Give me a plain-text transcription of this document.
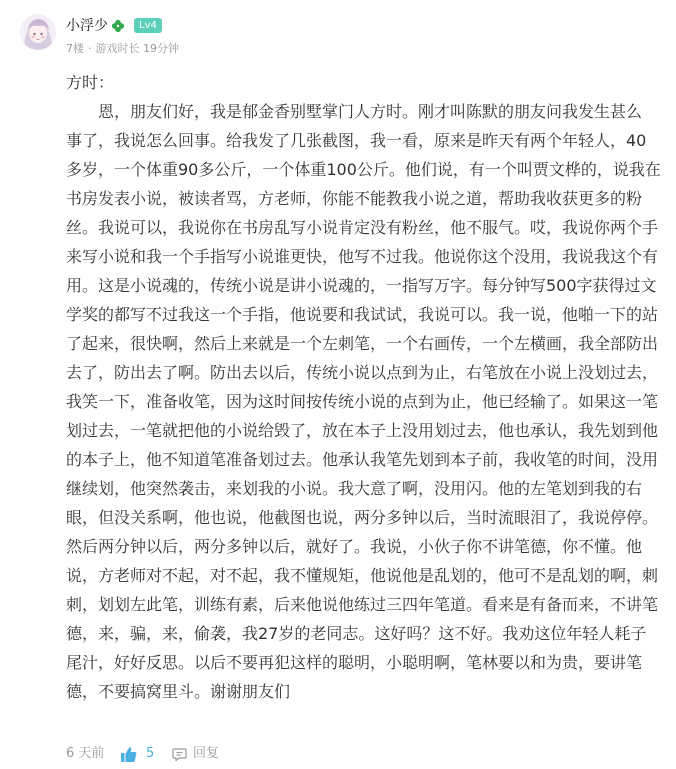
小浮少	Lv4
7楼 · 游戏时长 19分钟
方时：
恩，朋友们好，我是郁金香别墅掌门人方时。刚才叫陈默的朋友问我发生甚么
事了，我说怎么回事。给我发了几张截图，我一看，原来是昨天有两个年轻人，40
多岁，一个体重90多公斤，一个体重100公斤。他们说，有一个叫贾文桦的，说我在
书房发表小说，被读者骂，方老师，你能不能教我小说之道，帮助我收获更多的粉
丝。我说可以，我说你在书房乱写小说肯定没有粉丝，他不服气。哎，我说你两个手
来写小说和我一个手指写小说谁更快，他写不过我。他说你这个没用，我说我这个有
用。这是小说魂的，传统小说是讲小说魂的，一指写万字。每分钟写500字获得过文
学奖的都写不过我这一个手指，他说要和我试试，我说可以。我一说，他啪一下的站
了起来，很快啊，然后上来就是一个左刺笔，一个右画传，一个左横画，我全部防出
去了，防出去了啊。防出去以后，传统小说以点到为止，右笔放在小说上没划过去，
我笑一下，准备收笔，因为这时间按传统小说的点到为止，他已经输了。如果这一笔
划过去，一笔就把他的小说给毁了，放在本子上没用划过去，他也承认，我先划到他
的本子上，他不知道笔准备划过去。他承认我笔先划到本子前，我收笔的时间，没用
继续划，他突然袭击，来划我的小说。我大意了啊，没用闪。他的左笔划到我的右
眼，但没关系啊，他也说，他截图也说，两分多钟以后，当时流眼泪了，我说停停。
然后两分钟以后，两分多钟以后，就好了。我说，小伙子你不讲笔德，你不懂。他
说，方老师对不起，对不起，我不懂规矩，他说他是乱划的，他可不是乱划的啊，刺
刺，划划左此笔，训练有素，后来他说他练过三四年笔道。看来是有备而来，不讲笔
德，来，骗，来，偷袭，我27岁的老同志。这好吗？这不好。我劝这位年轻人耗子
尾汁，好好反思。以后不要再犯这样的聪明，小聪明啊，笔林要以和为贵，要讲笔
德，不要搞窝里斗。谢谢朋友们
6 天前	5	回复
